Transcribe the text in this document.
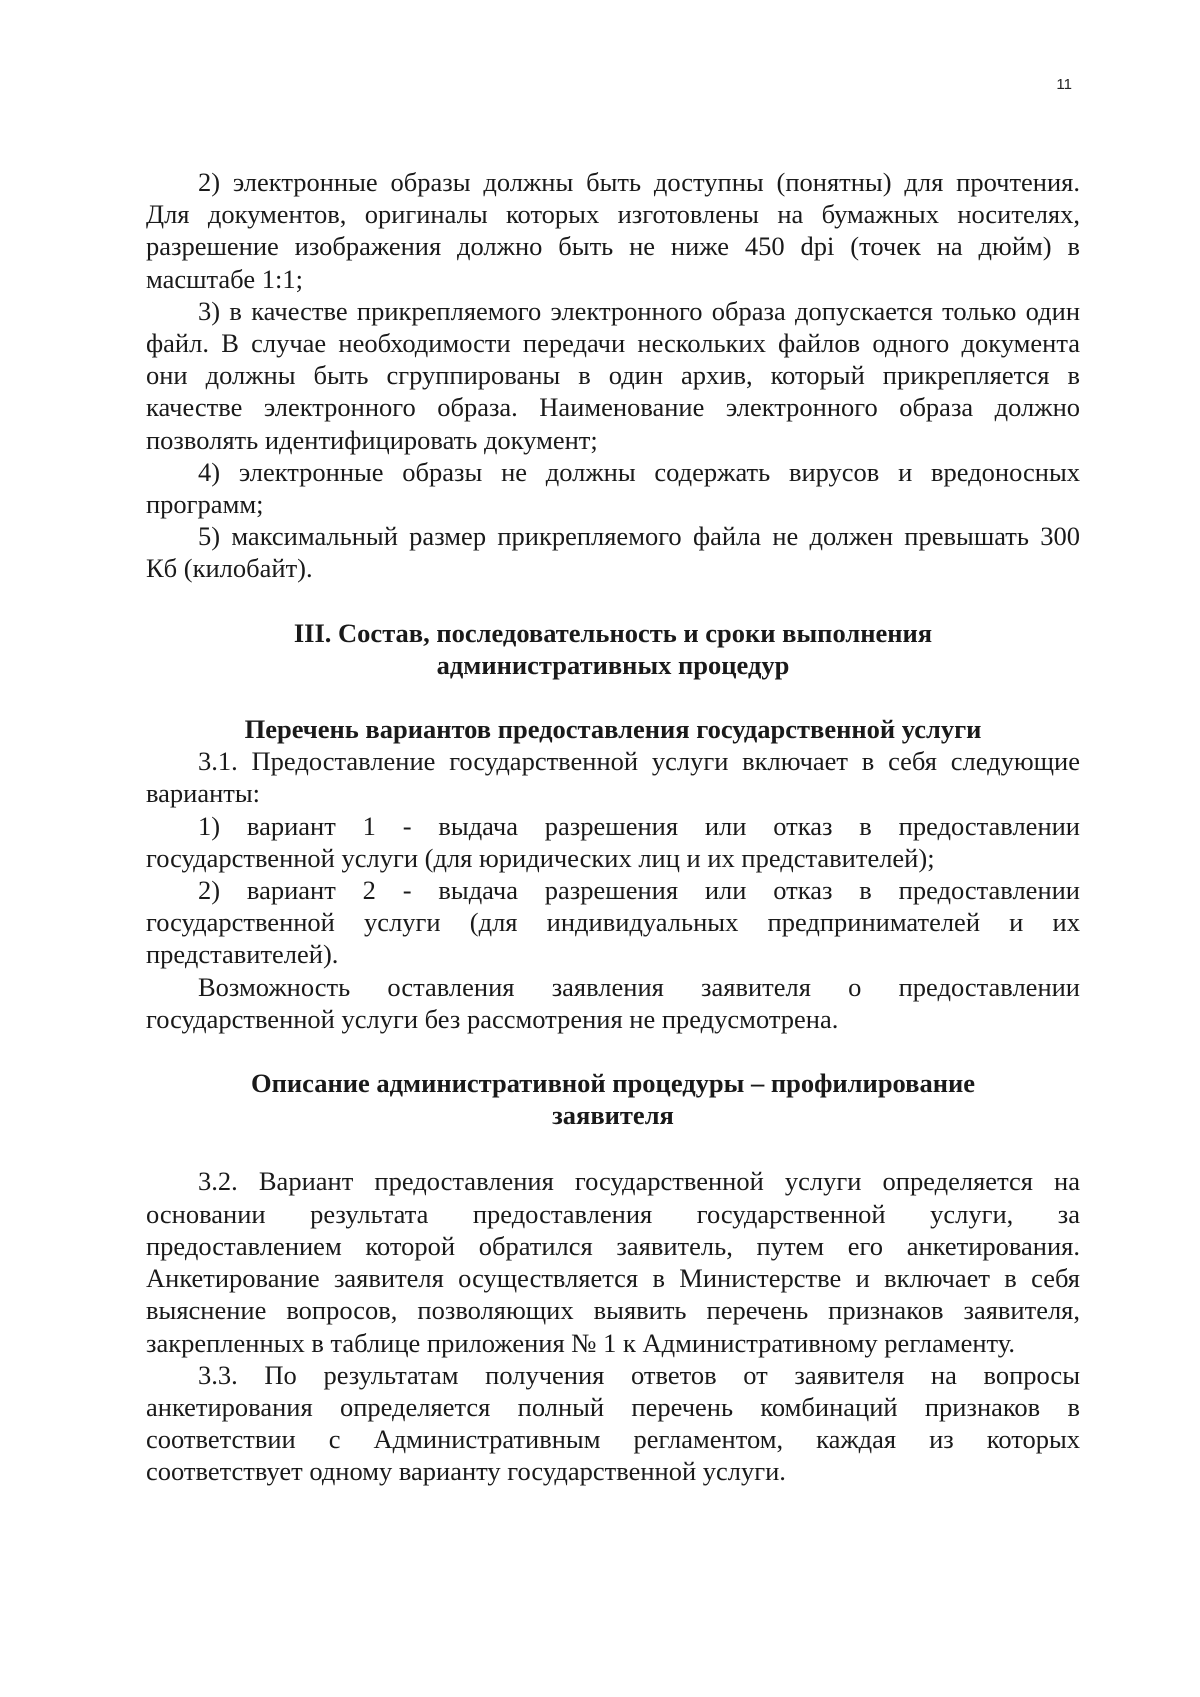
11

2) электронные образы должны быть доступны (понятны) для прочтения. Для документов, оригиналы которых изготовлены на бумажных носителях, разрешение изображения должно быть не ниже 450 dpi (точек на дюйм) в масштабе 1:1;

3) в качестве прикрепляемого электронного образа допускается только один файл. В случае необходимости передачи нескольких файлов одного документа они должны быть сгруппированы в один архив, который прикрепляется в качестве электронного образа. Наименование электронного образа должно позволять идентифицировать документ;

4) электронные образы не должны содержать вирусов и вредоносных программ;

5) максимальный размер прикрепляемого файла не должен превышать 300 Кб (килобайт).

III. Состав, последовательность и сроки выполнения
административных процедур
Перечень вариантов предоставления государственной услуги

3.1. Предоставление государственной услуги включает в себя следующие варианты:

1) вариант 1 - выдача разрешения или отказ в предоставлении государственной услуги (для юридических лиц и их представителей);

2) вариант 2 - выдача разрешения или отказ в предоставлении государственной услуги (для индивидуальных предпринимателей и их представителей).

Возможность оставления заявления заявителя о предоставлении государственной услуги без рассмотрения не предусмотрена.

Описание административной процедуры – профилирование
заявителя

3.2. Вариант предоставления государственной услуги определяется на основании результата предоставления государственной услуги, за предоставлением которой обратился заявитель, путем его анкетирования. Анкетирование заявителя осуществляется в Министерстве и включает в себя выяснение вопросов, позволяющих выявить перечень признаков заявителя, закрепленных в таблице приложения № 1 к Административному регламенту.

3.3. По результатам получения ответов от заявителя на вопросы анкетирования определяется полный перечень комбинаций признаков в соответствии с Административным регламентом, каждая из которых соответствует одному варианту государственной услуги.
